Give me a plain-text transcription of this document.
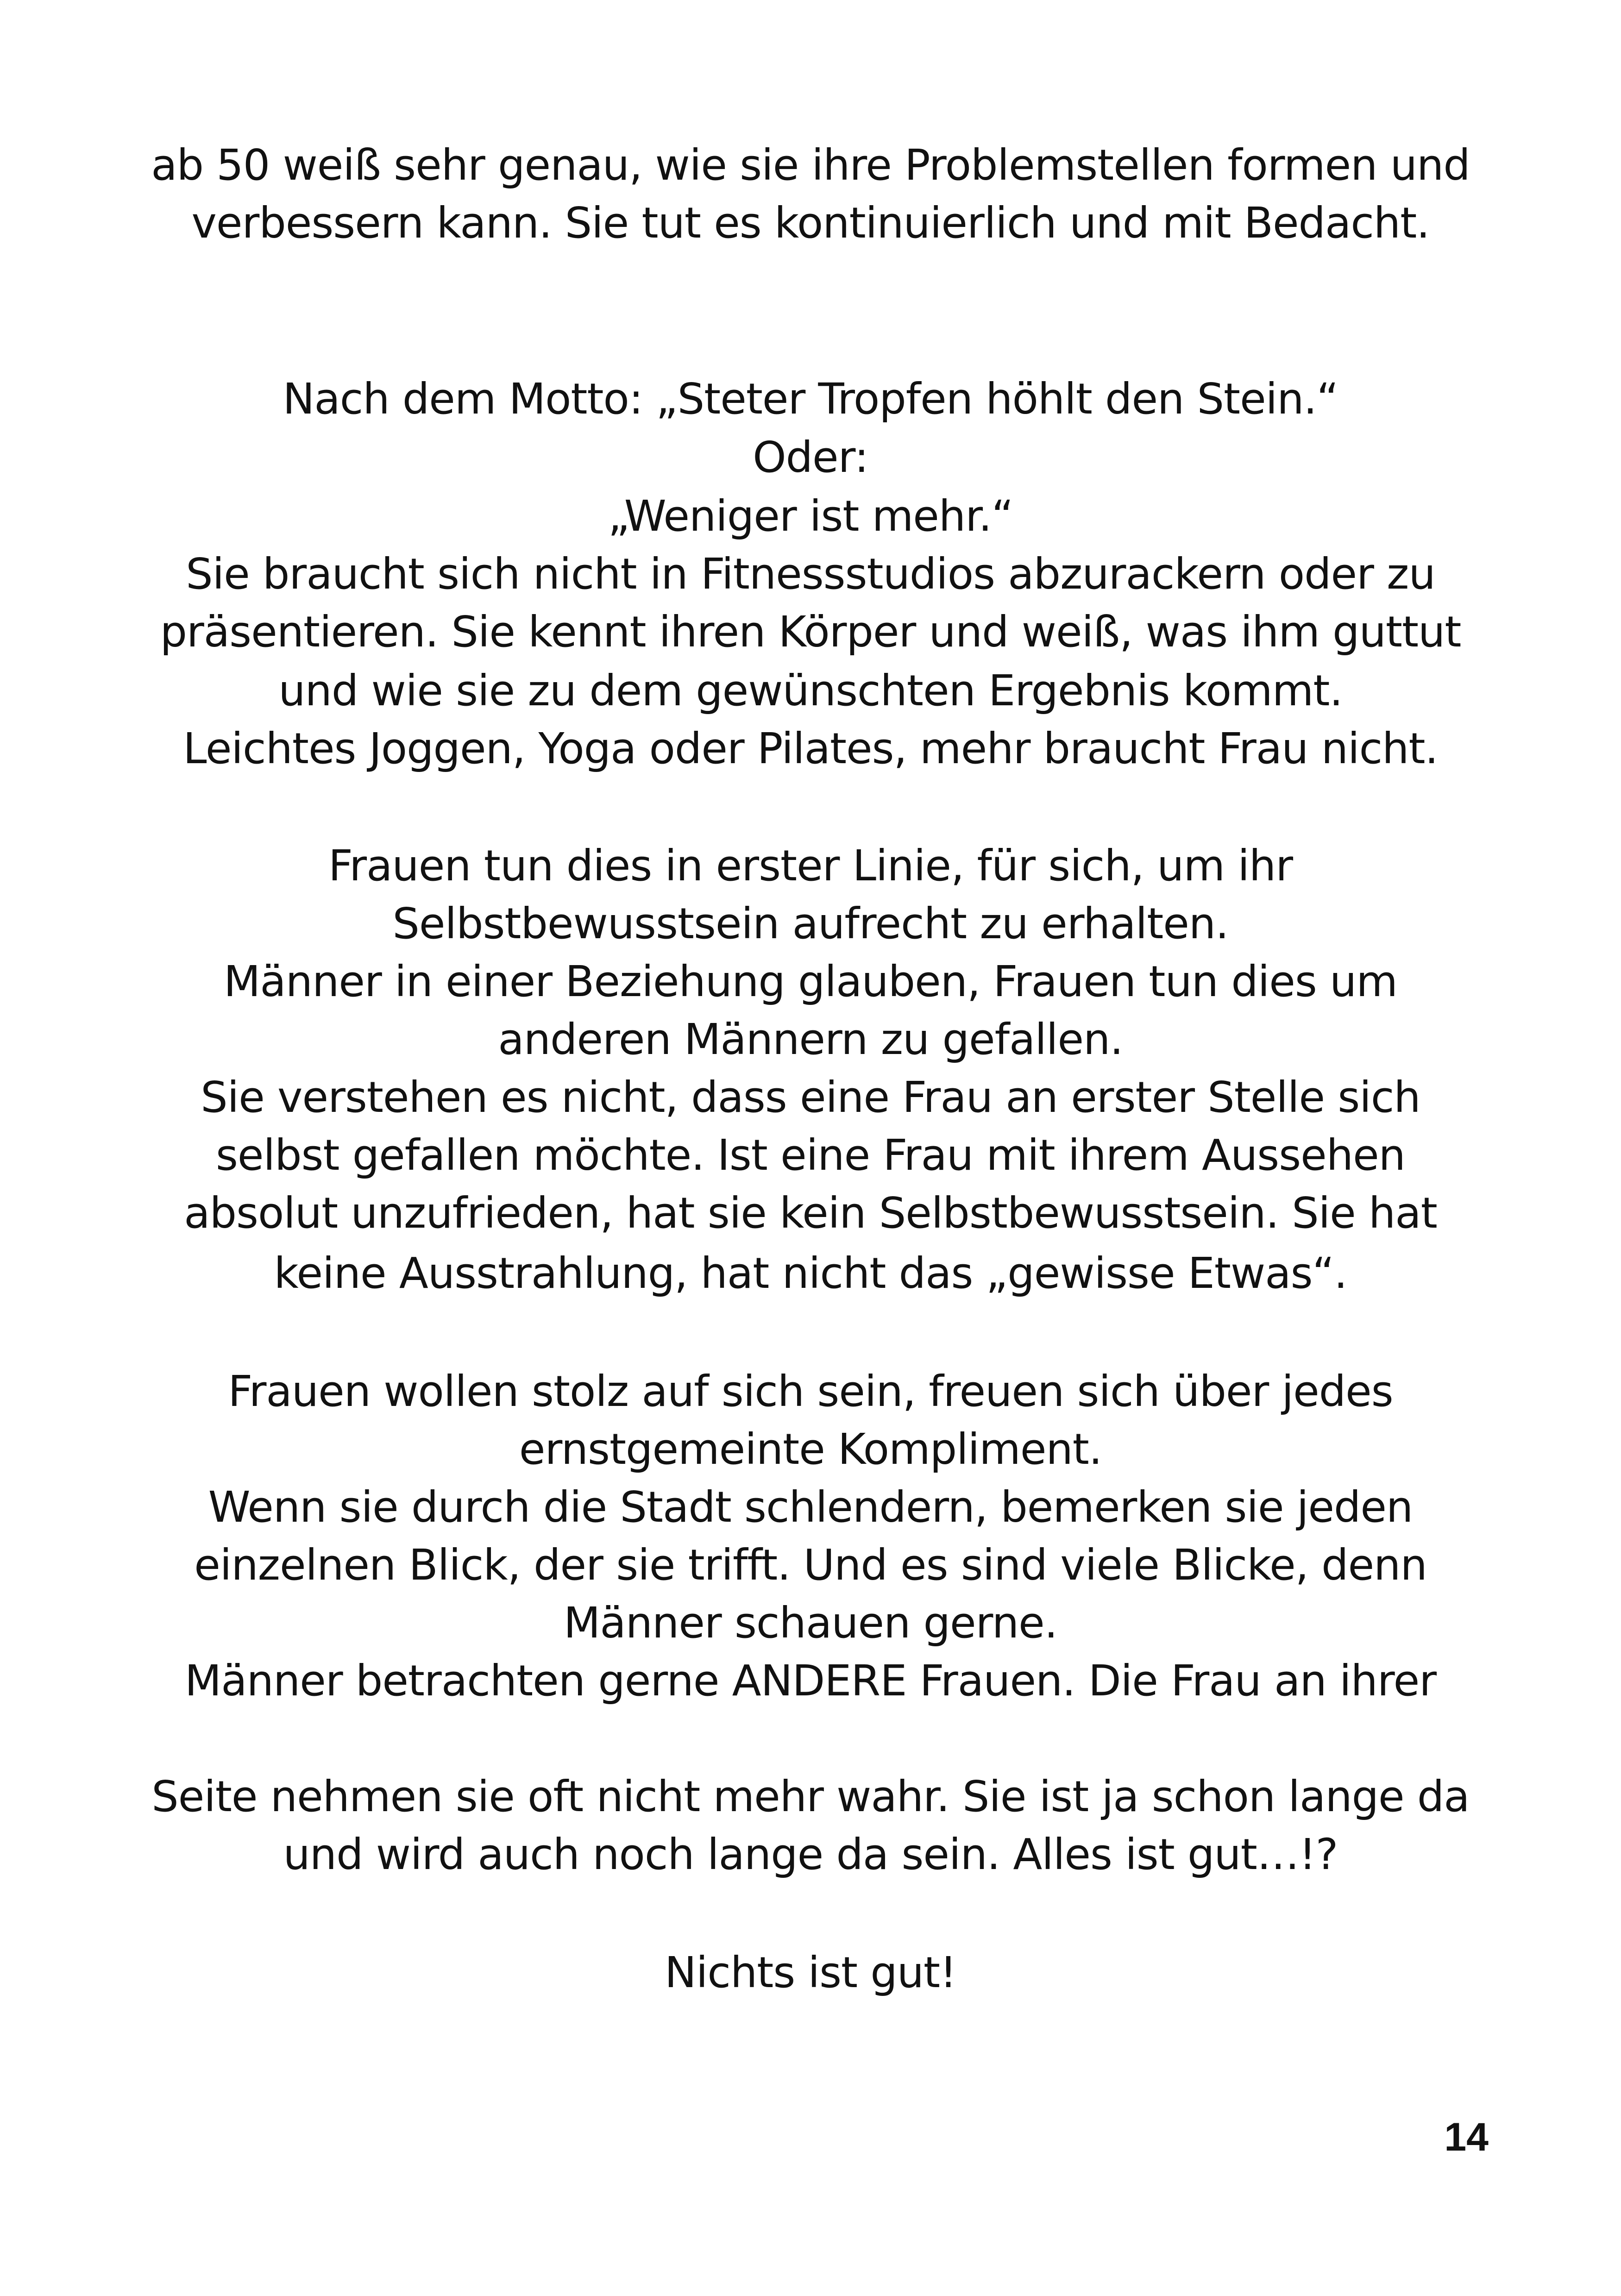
ab 50 weiß sehr genau, wie sie ihre Problemstellen formen und
verbessern kann. Sie tut es kontinuierlich und mit Bedacht.
Nach dem Motto: „Steter Tropfen höhlt den Stein.“
Oder:
„Weniger ist mehr.“
Sie braucht sich nicht in Fitnessstudios abzurackern oder zu
präsentieren. Sie kennt ihren Körper und weiß, was ihm guttut
und wie sie zu dem gewünschten Ergebnis kommt.
Leichtes Joggen, Yoga oder Pilates, mehr braucht Frau nicht.
Frauen tun dies in erster Linie, für sich, um ihr
Selbstbewusstsein aufrecht zu erhalten.
Männer in einer Beziehung glauben, Frauen tun dies um
anderen Männern zu gefallen.
Sie verstehen es nicht, dass eine Frau an erster Stelle sich
selbst gefallen möchte. Ist eine Frau mit ihrem Aussehen
absolut unzufrieden, hat sie kein Selbstbewusstsein. Sie hat
keine Ausstrahlung, hat nicht das „gewisse Etwas“.
Frauen wollen stolz auf sich sein, freuen sich über jedes
ernstgemeinte Kompliment.
Wenn sie durch die Stadt schlendern, bemerken sie jeden
einzelnen Blick, der sie trifft. Und es sind viele Blicke, denn
Männer schauen gerne.
Männer betrachten gerne ANDERE Frauen. Die Frau an ihrer
Seite nehmen sie oft nicht mehr wahr. Sie ist ja schon lange da
und wird auch noch lange da sein. Alles ist gut…!?
Nichts ist gut!
14
